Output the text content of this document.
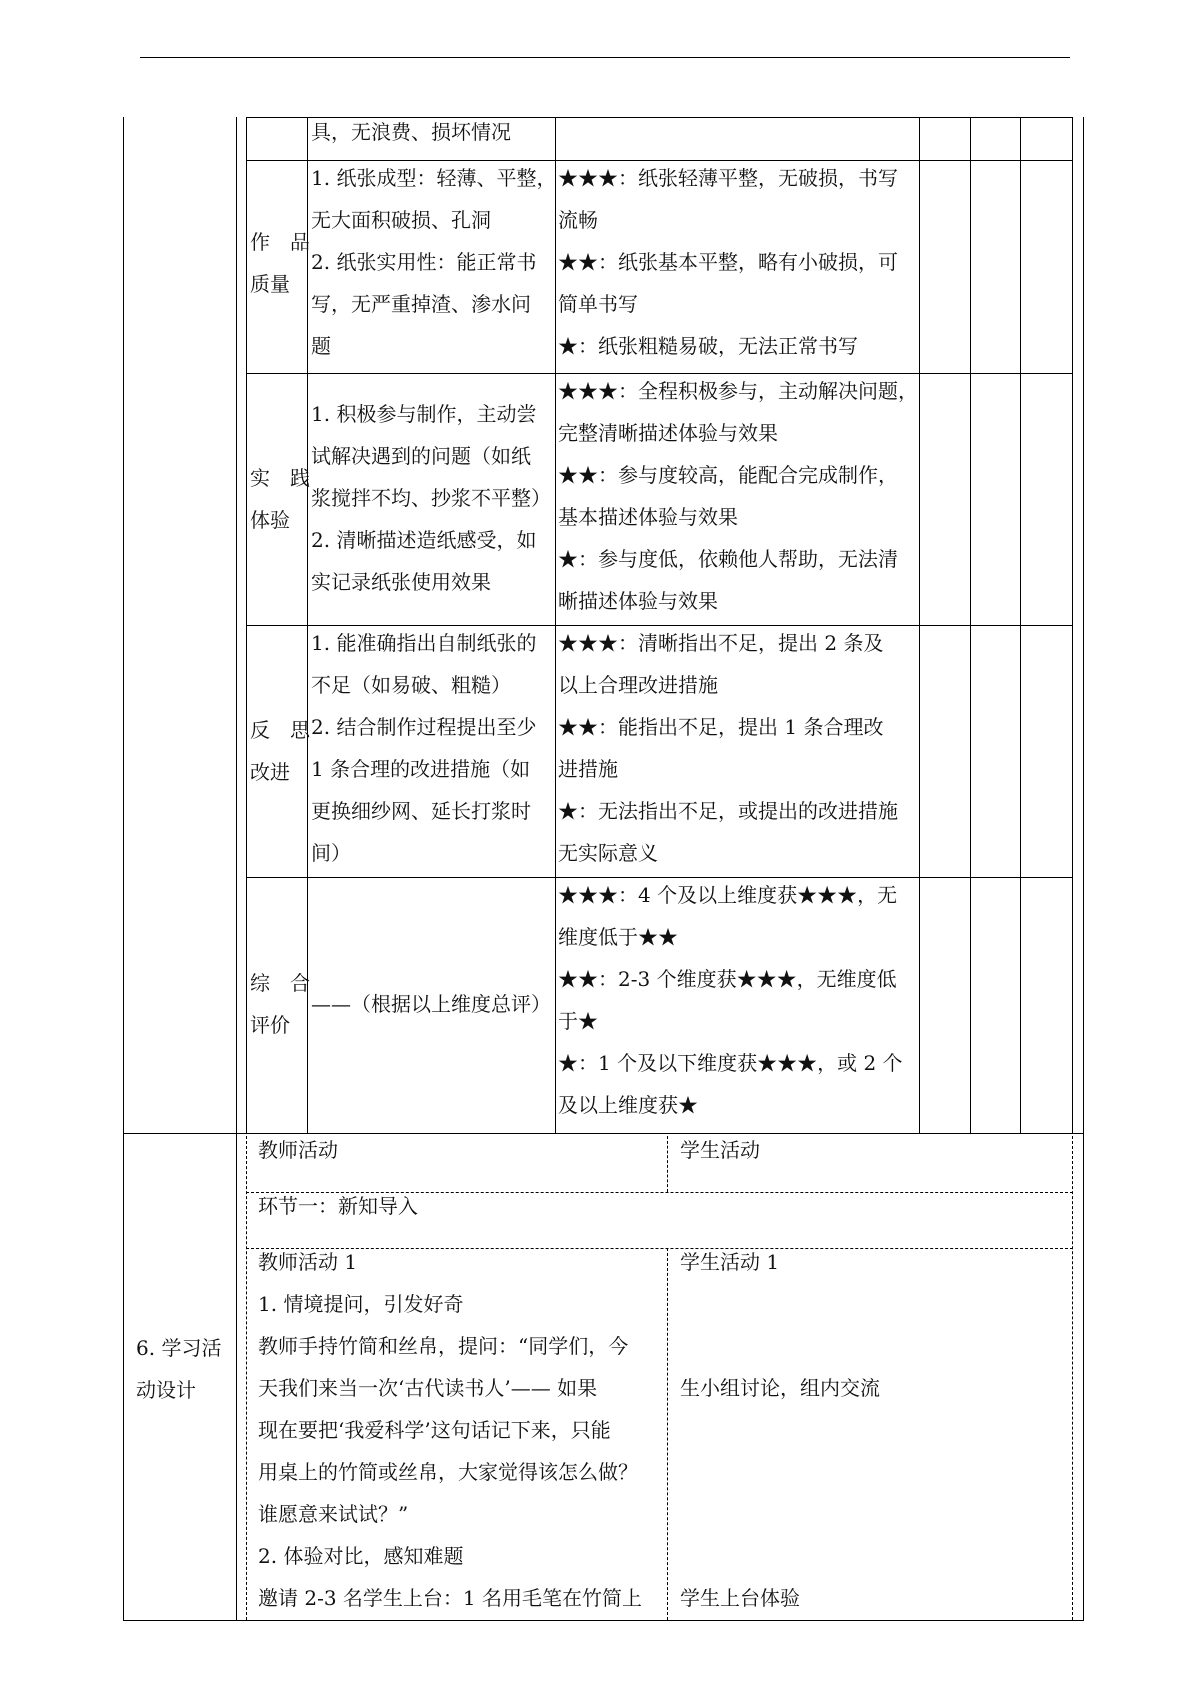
具，无浪费、损坏情况
作　品
质量
1. 纸张成型：轻薄、平整，
无大面积破损、孔洞
2. 纸张实用性：能正常书
写，无严重掉渣、渗水问
题
★★★：纸张轻薄平整，无破损，书写
流畅
★★：纸张基本平整，略有小破损，可
简单书写
★：纸张粗糙易破，无法正常书写
实　践
体验
1. 积极参与制作，主动尝
试解决遇到的问题（如纸
浆搅拌不均、抄浆不平整）
2. 清晰描述造纸感受，如
实记录纸张使用效果
★★★：全程积极参与，主动解决问题，
完整清晰描述体验与效果
★★：参与度较高，能配合完成制作，
基本描述体验与效果
★：参与度低，依赖他人帮助，无法清
晰描述体验与效果
反　思
改进
1. 能准确指出自制纸张的
不足（如易破、粗糙）
2. 结合制作过程提出至少
1 条合理的改进措施（如
更换细纱网、延长打浆时
间）
★★★：清晰指出不足，提出 2 条及
以上合理改进措施
★★：能指出不足，提出 1 条合理改
进措施
★：无法指出不足，或提出的改进措施
无实际意义
综　合
评价
——（根据以上维度总评）
★★★：4 个及以上维度获★★★，无
维度低于★★
★★：2-3 个维度获★★★，无维度低
于★
★：1 个及以下维度获★★★，或 2 个
及以上维度获★
6. 学习活
动设计
教师活动	学生活动
环节一：新知导入
教师活动 1
1. 情境提问，引发好奇
教师手持竹简和丝帛，提问：“同学们，今
天我们来当一次‘古代读书人’—— 如果
现在要把‘我爱科学’这句话记下来，只能
用桌上的竹简或丝帛，大家觉得该怎么做？
谁愿意来试试？”
2. 体验对比，感知难题
邀请 2-3 名学生上台：1 名用毛笔在竹简上
学生活动 1
生小组讨论，组内交流
学生上台体验
